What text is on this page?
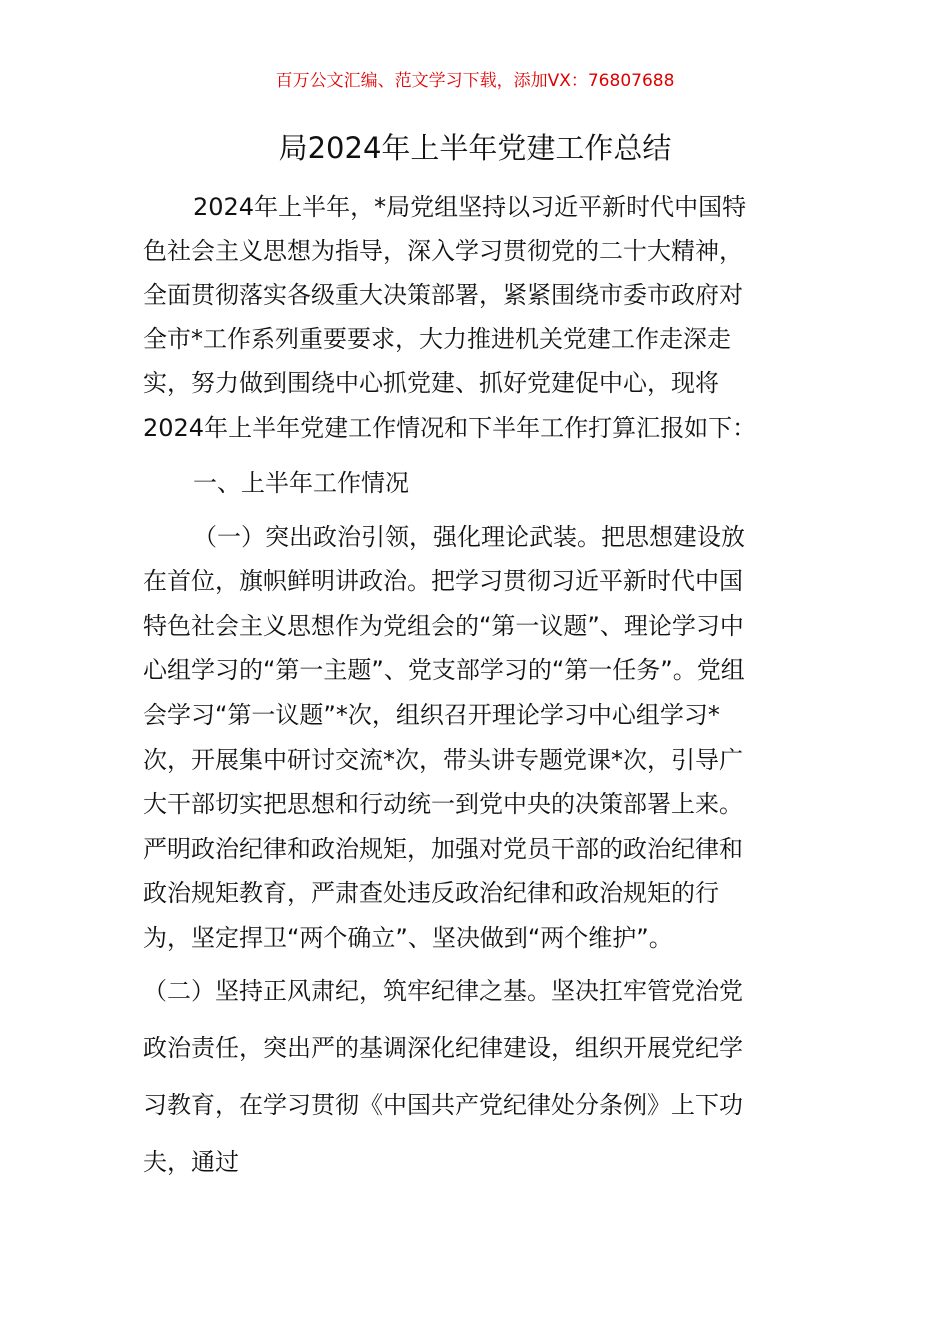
百万公文汇编、范文学习下载，添加VX：76807688
局2024年上半年党建工作总结
2024年上半年，*局党组坚持以习近平新时代中国特
色社会主义思想为指导，深入学习贯彻党的二十大精神，
全面贯彻落实各级重大决策部署，紧紧围绕市委市政府对
全市*工作系列重要要求，大力推进机关党建工作走深走
实，努力做到围绕中心抓党建、抓好党建促中心，现将
2024年上半年党建工作情况和下半年工作打算汇报如下：
一、上半年工作情况
（一）突出政治引领，强化理论武装。把思想建设放
在首位，旗帜鲜明讲政治。把学习贯彻习近平新时代中国
特色社会主义思想作为党组会的“第一议题”、理论学习中
心组学习的“第一主题”、党支部学习的“第一任务”。党组
会学习“第一议题”*次，组织召开理论学习中心组学习*
次，开展集中研讨交流*次，带头讲专题党课*次，引导广
大干部切实把思想和行动统一到党中央的决策部署上来。
严明政治纪律和政治规矩，加强对党员干部的政治纪律和
政治规矩教育，严肃查处违反政治纪律和政治规矩的行
为，坚定捍卫“两个确立”、坚决做到“两个维护”。
（二）坚持正风肃纪，筑牢纪律之基。坚决扛牢管党治党
政治责任，突出严的基调深化纪律建设，组织开展党纪学
习教育，在学习贯彻《中国共产党纪律处分条例》上下功
夫，通过
